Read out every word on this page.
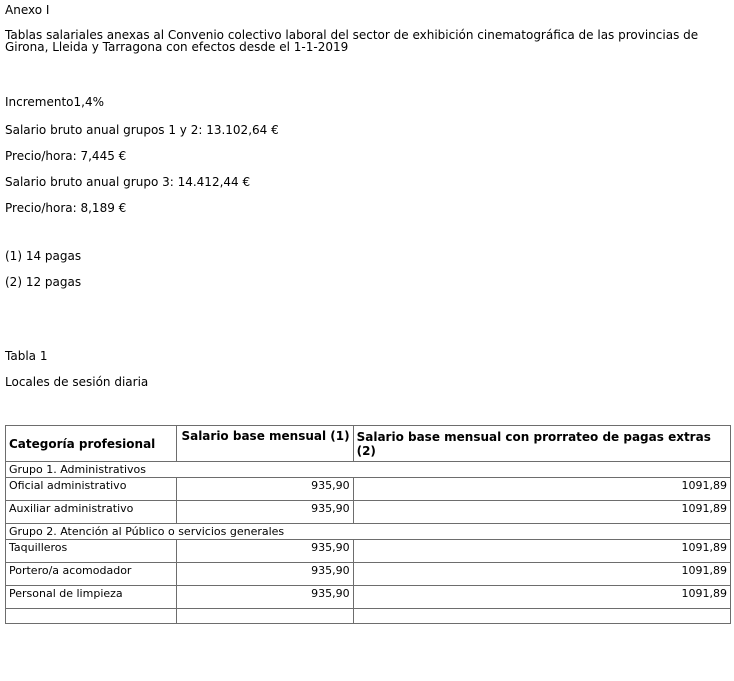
Anexo I
Tablas salariales anexas al Convenio colectivo laboral del sector de exhibición cinematográfica de las provincias de Girona, Lleida y Tarragona con efectos desde el 1-1-2019
Incremento1,4%
Salario bruto anual grupos 1 y 2: 13.102,64 €
Precio/hora: 7,445 €
Salario bruto anual grupo 3: 14.412,44 €
Precio/hora: 8,189 €
(1) 14 pagas
(2) 12 pagas
Tabla 1
Locales de sesión diaria
Categoría profesional	Salario base mensual (1)	Salario base mensual con prorrateo de pagas extras (2)
Grupo 1. Administrativos		
Oficial administrativo	935,90	1091,89
Auxiliar administrativo	935,90	1091,89
Grupo 2. Atención al Público o servicios generales		
Taquilleros	935,90	1091,89
Portero/a acomodador	935,90	1091,89
Personal de limpieza	935,90	1091,89
